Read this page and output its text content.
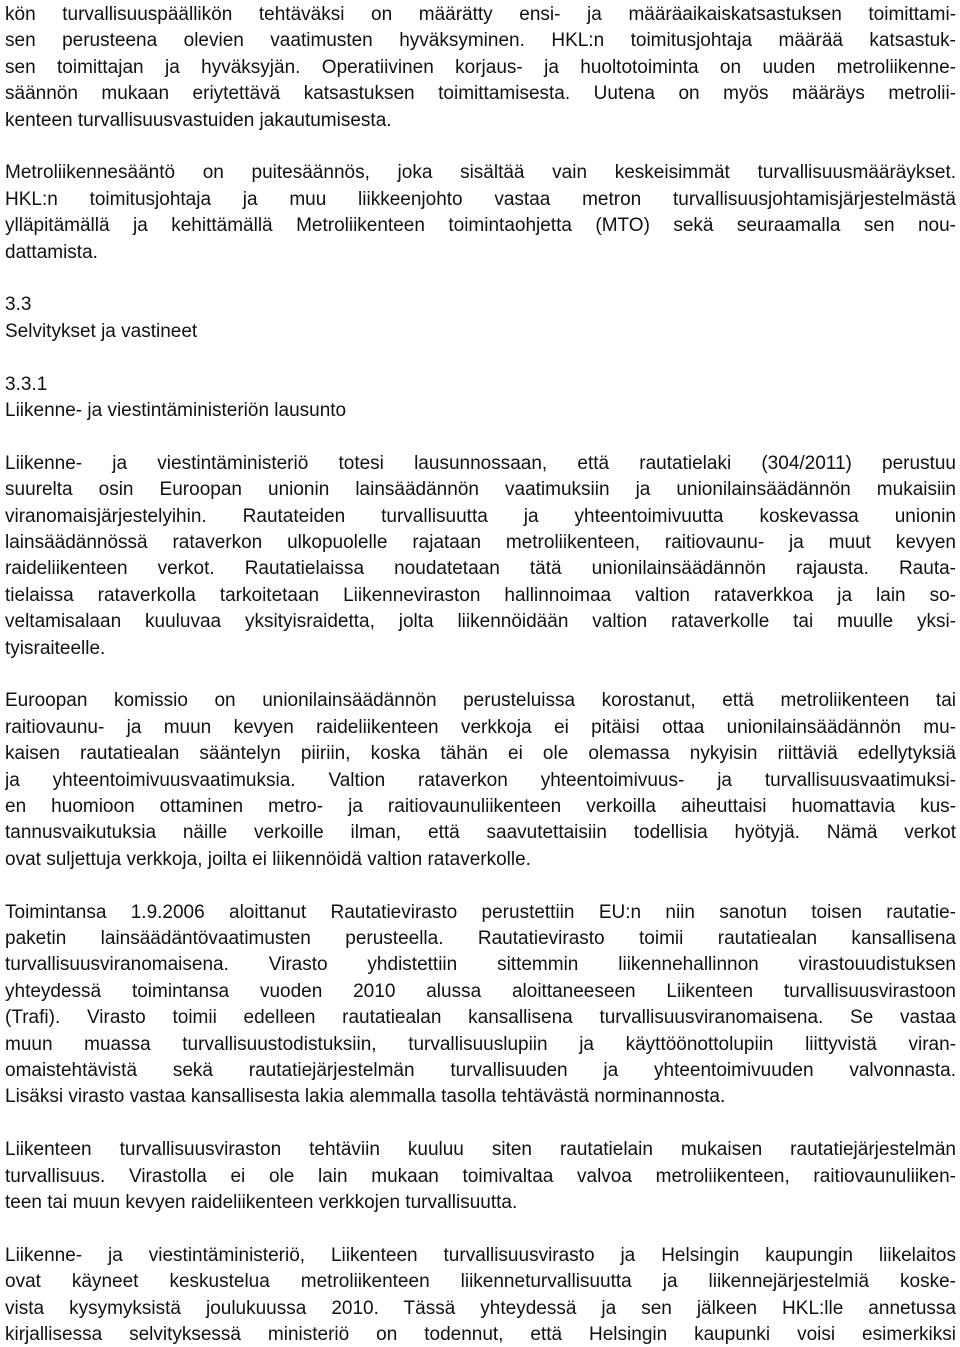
kön turvallisuuspäällikön tehtäväksi on määrätty ensi- ja määräaikaiskatsastuksen toimittami-
sen perusteena olevien vaatimusten hyväksyminen. HKL:n toimitusjohtaja määrää katsastuk-
sen toimittajan ja hyväksyjän. Operatiivinen korjaus- ja huoltotoiminta on uuden metroliikenne-
säännön mukaan eriytettävä katsastuksen toimittamisesta. Uutena on myös määräys metrolii-
kenteen turvallisuusvastuiden jakautumisesta.
Metroliikennesääntö on puitesäännös, joka sisältää vain keskeisimmät turvallisuusmääräykset.
HKL:n toimitusjohtaja ja muu liikkeenjohto vastaa metron turvallisuusjohtamisjärjestelmästä
ylläpitämällä ja kehittämällä Metroliikenteen toimintaohjetta (MTO) sekä seuraamalla sen nou-
dattamista.
3.3
Selvitykset ja vastineet
3.3.1
Liikenne- ja viestintäministeriön lausunto
Liikenne- ja viestintäministeriö totesi lausunnossaan, että rautatielaki (304/2011) perustuu
suurelta osin Euroopan unionin lainsäädännön vaatimuksiin ja unionilainsäädännön mukaisiin
viranomaisjärjestelyihin. Rautateiden turvallisuutta ja yhteentoimivuutta koskevassa unionin
lainsäädännössä rataverkon ulkopuolelle rajataan metroliikenteen, raitiovaunu- ja muut kevyen
raideliikenteen verkot. Rautatielaissa noudatetaan tätä unionilainsäädännön rajausta. Rauta-
tielaissa rataverkolla tarkoitetaan Liikenneviraston hallinnoimaa valtion rataverkkoa ja lain so-
veltamisalaan kuuluvaa yksityisraidetta, jolta liikennöidään valtion rataverkolle tai muulle yksi-
tyisraiteelle.
Euroopan komissio on unionilainsäädännön perusteluissa korostanut, että metroliikenteen tai
raitiovaunu- ja muun kevyen raideliikenteen verkkoja ei pitäisi ottaa unionilainsäädännön mu-
kaisen rautatiealan sääntelyn piiriin, koska tähän ei ole olemassa nykyisin riittäviä edellytyksiä
ja yhteentoimivuusvaatimuksia. Valtion rataverkon yhteentoimivuus- ja turvallisuusvaatimuksi-
en huomioon ottaminen metro- ja raitiovaunuliikenteen verkoilla aiheuttaisi huomattavia kus-
tannusvaikutuksia näille verkoille ilman, että saavutettaisiin todellisia hyötyjä. Nämä verkot
ovat suljettuja verkkoja, joilta ei liikennöidä valtion rataverkolle.
Toimintansa 1.9.2006 aloittanut Rautatievirasto perustettiin EU:n niin sanotun toisen rautatie-
paketin lainsäädäntövaatimusten perusteella. Rautatievirasto toimii rautatiealan kansallisena
turvallisuusviranomaisena. Virasto yhdistettiin sittemmin liikennehallinnon virastouudistuksen
yhteydessä toimintansa vuoden 2010 alussa aloittaneeseen Liikenteen turvallisuusvirastoon
(Trafi). Virasto toimii edelleen rautatiealan kansallisena turvallisuusviranomaisena. Se vastaa
muun muassa turvallisuustodistuksiin, turvallisuuslupiin ja käyttöönottolupiin liittyvistä viran-
omaistehtävistä sekä rautatiejärjestelmän turvallisuuden ja yhteentoimivuuden valvonnasta.
Lisäksi virasto vastaa kansallisesta lakia alemmalla tasolla tehtävästä norminannosta.
Liikenteen turvallisuusviraston tehtäviin kuuluu siten rautatielain mukaisen rautatiejärjestelmän
turvallisuus. Virastolla ei ole lain mukaan toimivaltaa valvoa metroliikenteen, raitiovaunuliiken-
teen tai muun kevyen raideliikenteen verkkojen turvallisuutta.
Liikenne- ja viestintäministeriö, Liikenteen turvallisuusvirasto ja Helsingin kaupungin liikelaitos
ovat käyneet keskustelua metroliikenteen liikenneturvallisuutta ja liikennejärjestelmiä koske-
vista kysymyksistä joulukuussa 2010. Tässä yhteydessä ja sen jälkeen HKL:lle annetussa
kirjallisessa selvityksessä ministeriö on todennut, että Helsingin kaupunki voisi esimerkiksi
